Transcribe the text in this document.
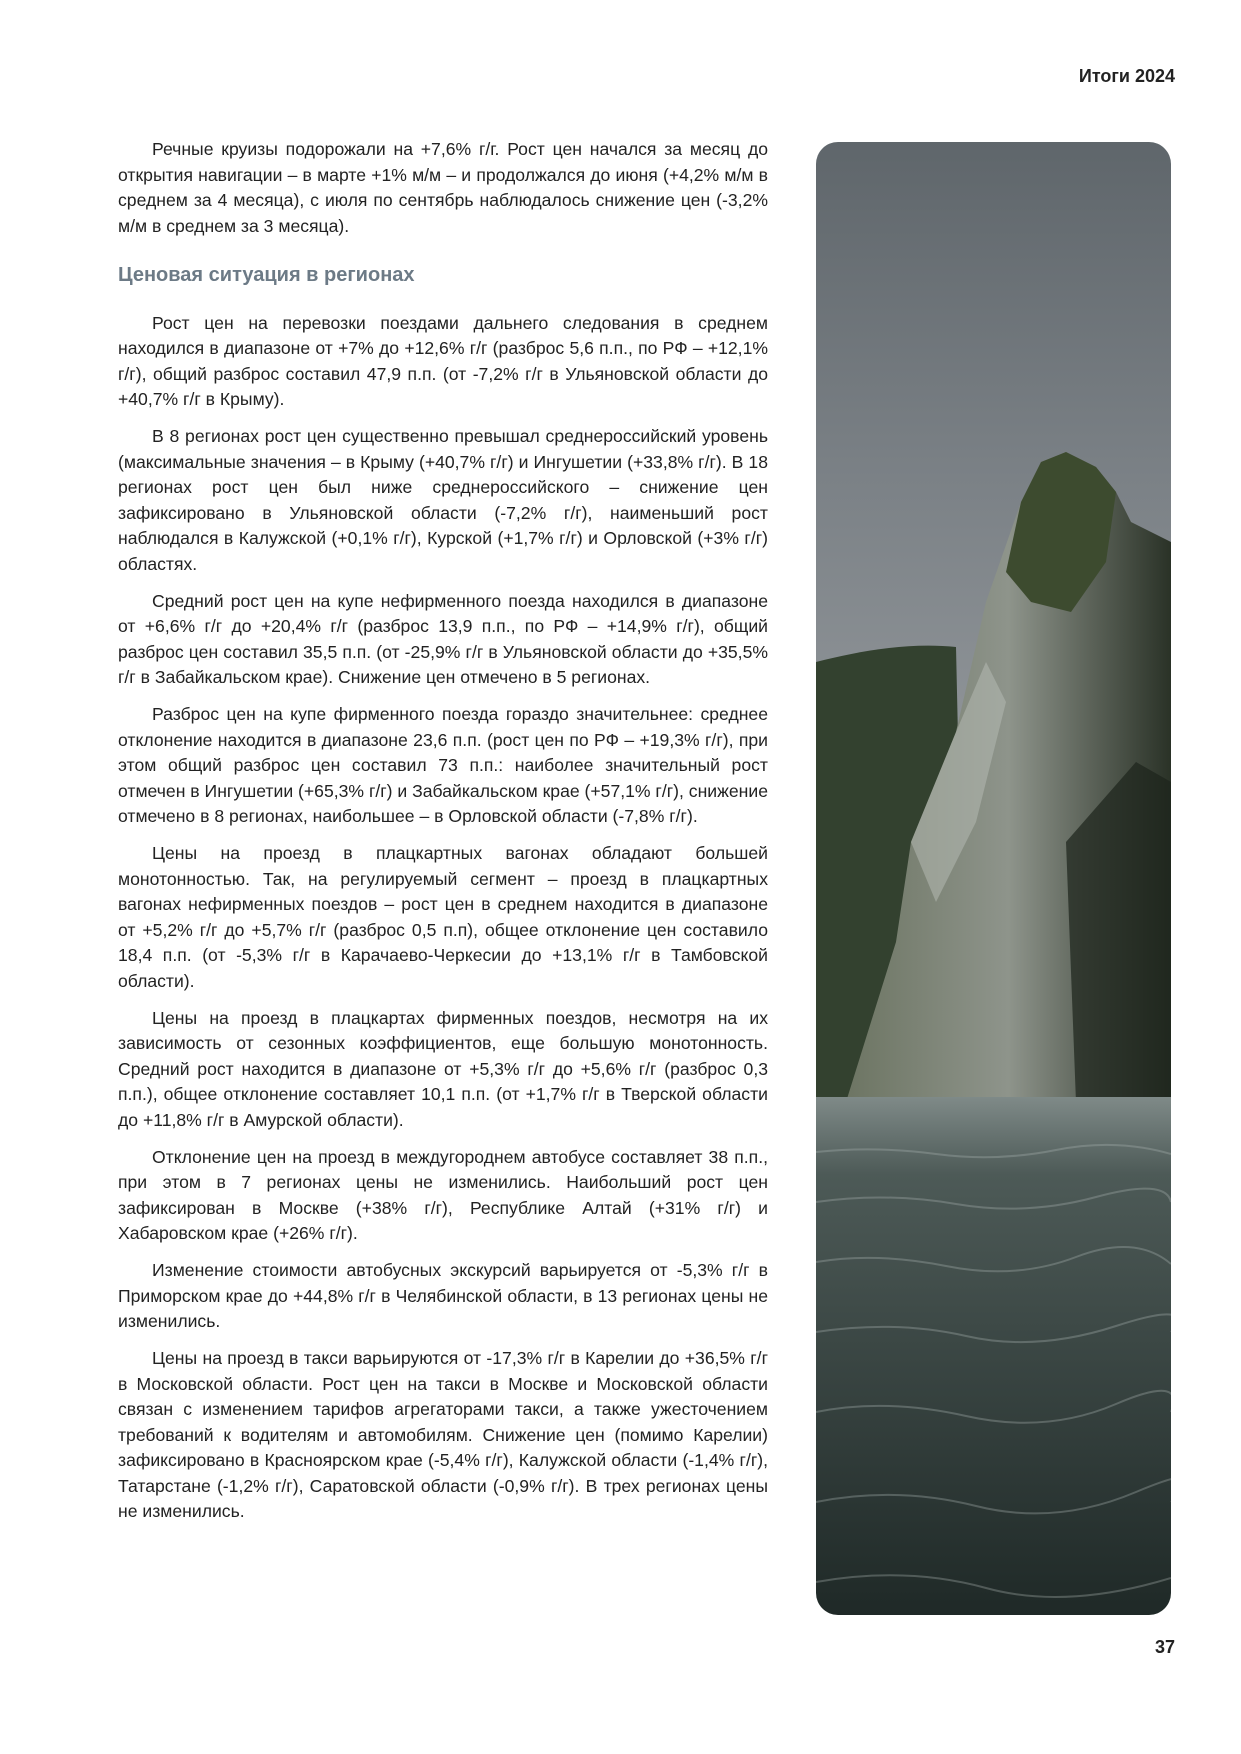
Итоги 2024

Речные круизы подорожали на +7,6% г/г. Рост цен начался за месяц до открытия навигации – в марте +1% м/м – и продолжался до июня (+4,2% м/м в среднем за 4 месяца), с июля по сентябрь наблюдалось снижение цен (-3,2% м/м в среднем за 3 месяца).

Ценовая ситуация в регионах

Рост цен на перевозки поездами дальнего следования в среднем находился в диапазоне от +7% до +12,6% г/г (разброс 5,6 п.п., по РФ – +12,1% г/г), общий разброс составил 47,9 п.п. (от -7,2% г/г в Ульяновской области до +40,7% г/г в Крыму).

В 8 регионах рост цен существенно превышал среднероссийский уровень (максимальные значения – в Крыму (+40,7% г/г) и Ингушетии (+33,8% г/г). В 18 регионах рост цен был ниже среднероссийского – снижение цен зафиксировано в Ульяновской области (-7,2% г/г), наименьший рост наблюдался в Калужской (+0,1% г/г), Курской (+1,7% г/г) и Орловской (+3% г/г) областях.

Средний рост цен на купе нефирменного поезда находился в диапазоне от +6,6% г/г до +20,4% г/г (разброс 13,9 п.п., по РФ – +14,9% г/г), общий разброс цен составил 35,5 п.п. (от -25,9% г/г в Ульяновской области до +35,5% г/г в Забайкальском крае). Снижение цен отмечено в 5 регионах.

Разброс цен на купе фирменного поезда гораздо значительнее: среднее отклонение находится в диапазоне 23,6 п.п. (рост цен по РФ – +19,3% г/г), при этом общий разброс цен составил 73 п.п.: наиболее значительный рост отмечен в Ингушетии (+65,3% г/г) и Забайкальском крае (+57,1% г/г), снижение отмечено в 8 регионах, наибольшее – в Орловской области (-7,8% г/г).

Цены на проезд в плацкартных вагонах обладают большей монотонностью. Так, на регулируемый сегмент – проезд в плацкартных вагонах нефирменных поездов – рост цен в среднем находится в диапазоне от +5,2% г/г до +5,7% г/г (разброс 0,5 п.п), общее отклонение цен составило 18,4 п.п. (от -5,3% г/г в Карачаево-Черкесии до +13,1% г/г в Тамбовской области).

Цены на проезд в плацкартах фирменных поездов, несмотря на их зависимость от сезонных коэффициентов, еще большую монотонность. Средний рост находится в диапазоне от +5,3% г/г до +5,6% г/г (разброс 0,3 п.п.), общее отклонение составляет 10,1 п.п. (от +1,7% г/г в Тверской области до +11,8% г/г в Амурской области).

Отклонение цен на проезд в междугороднем автобусе составляет 38 п.п., при этом в 7 регионах цены не изменились. Наибольший рост цен зафиксирован в Москве (+38% г/г), Республике Алтай (+31% г/г) и Хабаровском крае (+26% г/г).

Изменение стоимости автобусных экскурсий варьируется от -5,3% г/г в Приморском крае до +44,8% г/г в Челябинской области, в 13 регионах цены не изменились.

Цены на проезд в такси варьируются от -17,3% г/г в Карелии до +36,5% г/г в Московской области. Рост цен на такси в Москве и Московской области связан с изменением тарифов агрегаторами такси, а также ужесточением требований к водителям и автомобилям. Снижение цен (помимо Карелии) зафиксировано в Красноярском крае (-5,4% г/г), Калужской области (-1,4% г/г), Татарстане (-1,2% г/г), Саратовской области (-0,9% г/г). В трех регионах цены не изменились.

37
